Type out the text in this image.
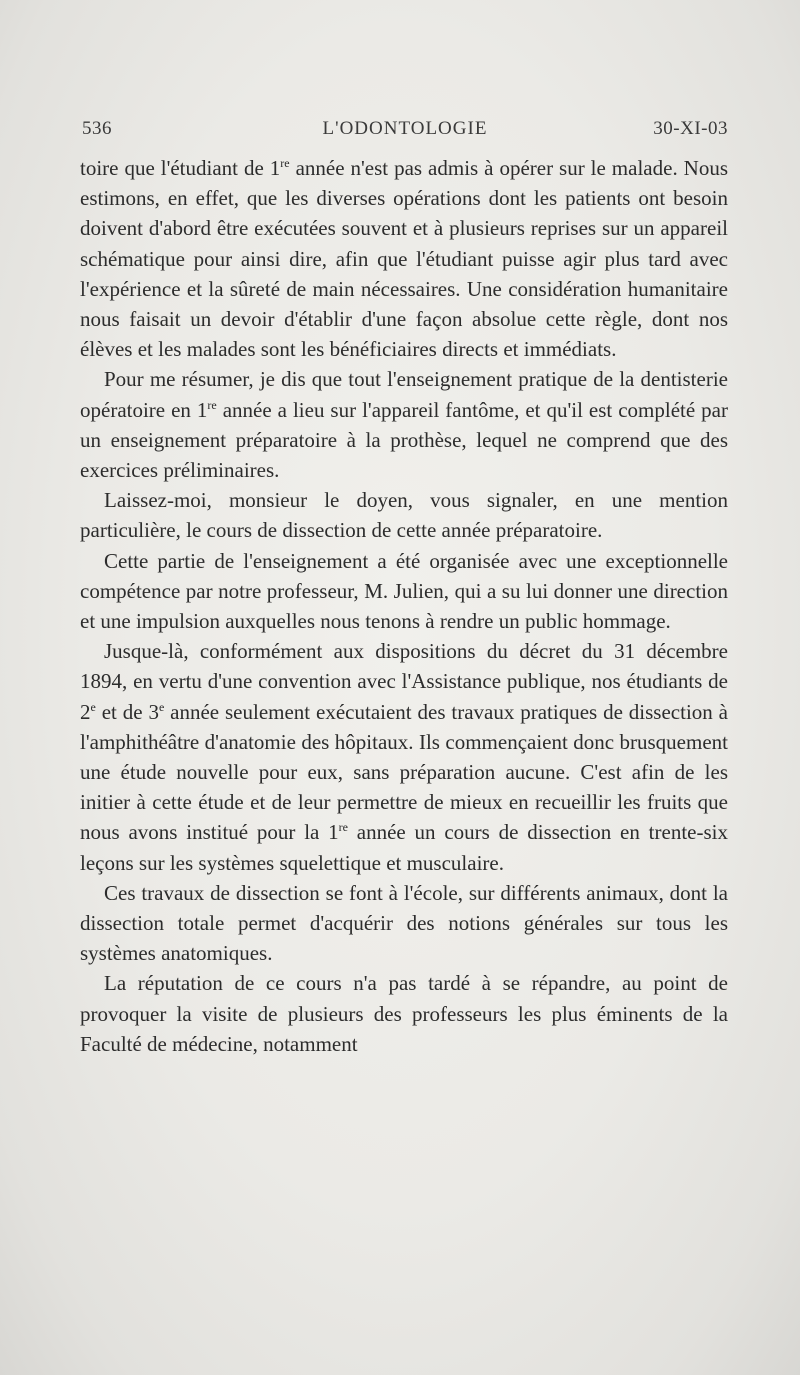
536	L'ODONTOLOGIE	30-XI-03

toire que l'étudiant de 1re année n'est pas admis à opérer sur le malade. Nous estimons, en effet, que les diverses opérations dont les patients ont besoin doivent d'abord être exécutées souvent et à plusieurs reprises sur un appareil schématique pour ainsi dire, afin que l'étudiant puisse agir plus tard avec l'expérience et la sûreté de main nécessaires. Une considération humanitaire nous faisait un devoir d'établir d'une façon absolue cette règle, dont nos élèves et les malades sont les bénéficiaires directs et immédiats.

Pour me résumer, je dis que tout l'enseignement pratique de la dentisterie opératoire en 1re année a lieu sur l'appareil fantôme, et qu'il est complété par un enseignement préparatoire à la prothèse, lequel ne comprend que des exercices préliminaires.

Laissez-moi, monsieur le doyen, vous signaler, en une mention particulière, le cours de dissection de cette année préparatoire.

Cette partie de l'enseignement a été organisée avec une exceptionnelle compétence par notre professeur, M. Julien, qui a su lui donner une direction et une impulsion auxquelles nous tenons à rendre un public hommage.

Jusque-là, conformément aux dispositions du décret du 31 décembre 1894, en vertu d'une convention avec l'Assistance publique, nos étudiants de 2e et de 3e année seulement exécutaient des travaux pratiques de dissection à l'amphithéâtre d'anatomie des hôpitaux. Ils commençaient donc brusquement une étude nouvelle pour eux, sans préparation aucune. C'est afin de les initier à cette étude et de leur permettre de mieux en recueillir les fruits que nous avons institué pour la 1re année un cours de dissection en trente-six leçons sur les systèmes squelettique et musculaire.

Ces travaux de dissection se font à l'école, sur différents animaux, dont la dissection totale permet d'acquérir des notions générales sur tous les systèmes anatomiques.

La réputation de ce cours n'a pas tardé à se répandre, au point de provoquer la visite de plusieurs des professeurs les plus éminents de la Faculté de médecine, notamment
